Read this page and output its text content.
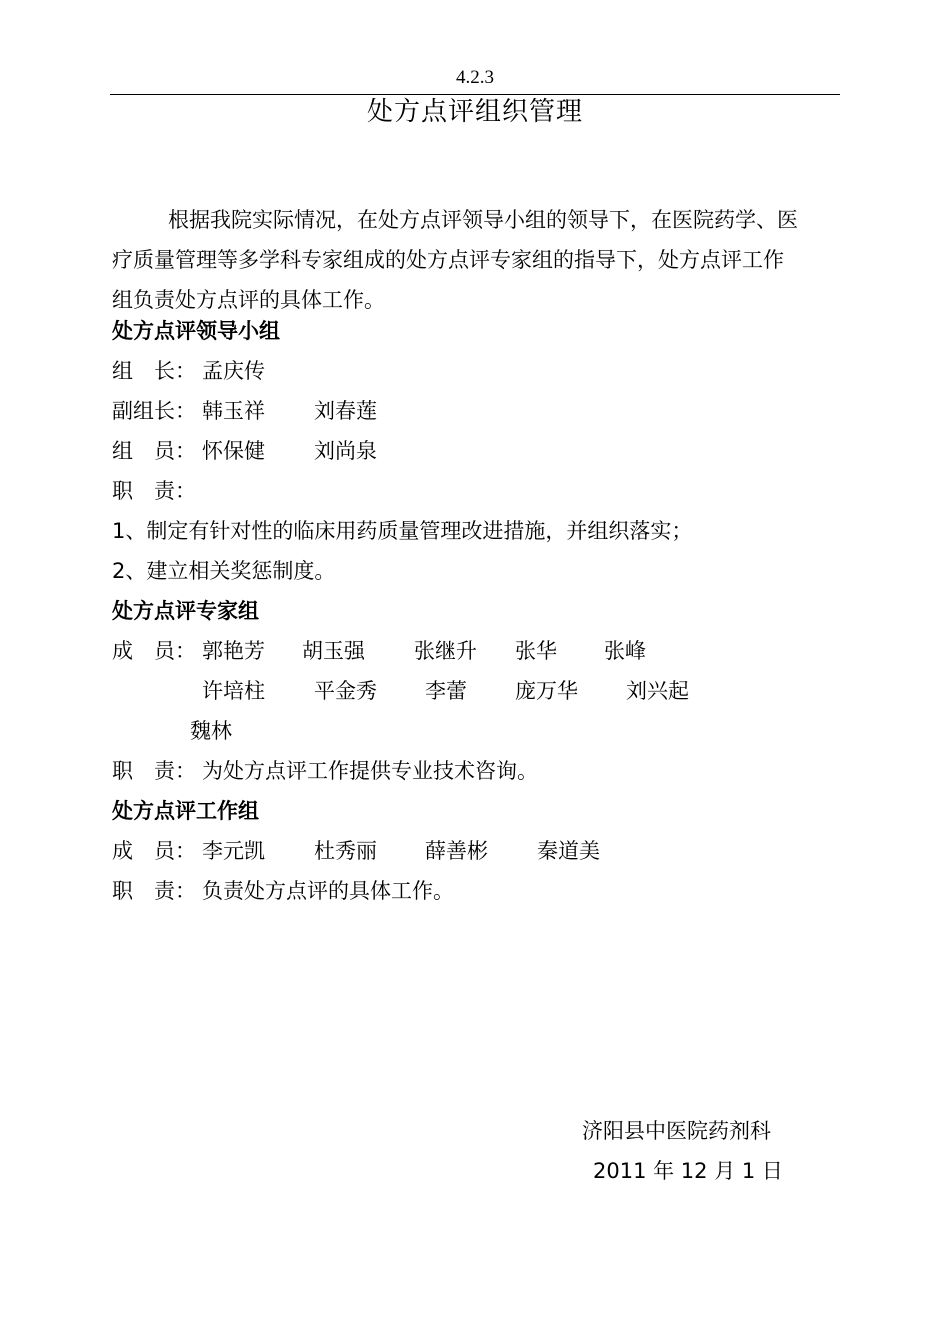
4.2.3
处方点评组织管理
根据我院实际情况，在处方点评领导小组的领导下，在医院药学、医
疗质量管理等多学科专家组成的处方点评专家组的指导下，处方点评工作
组负责处方点评的具体工作。
处方点评领导小组
组　长： 孟庆传
副组长： 韩玉祥 刘春莲
组　员： 怀保健 刘尚泉
职　责：
1、制定有针对性的临床用药质量管理改进措施，并组织落实；
2、建立相关奖惩制度。
处方点评专家组
成　员： 郭艳芳 胡玉强 张继升 张华 张峰
许培柱 平金秀 李蕾 庞万华 刘兴起
魏林
职　责： 为处方点评工作提供专业技术咨询。
处方点评工作组
成　员： 李元凯 杜秀丽 薛善彬 秦道美
职　责： 负责处方点评的具体工作。
济阳县中医院药剂科
2011 年 12 月 1 日
